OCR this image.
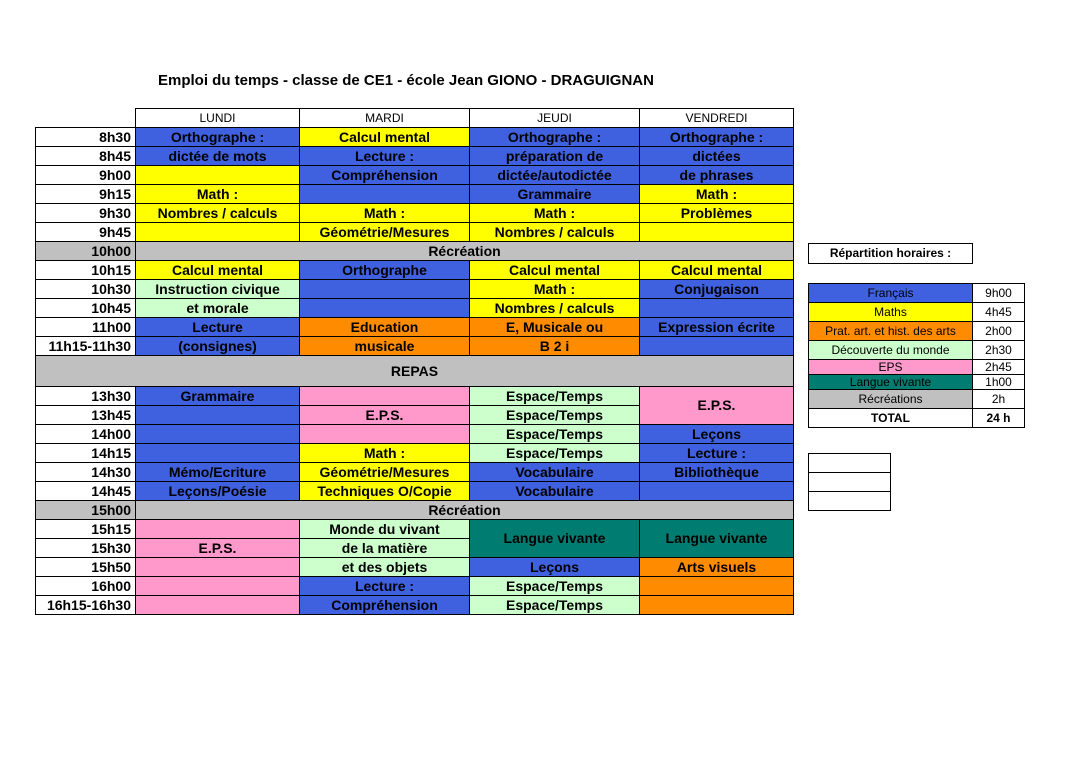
Emploi du temps - classe de CE1 - école Jean GIONO - DRAGUIGNAN
	LUNDI	MARDI	JEUDI	VENDREDI
8h30	Orthographe :	Calcul mental	Orthographe :	Orthographe :
8h45	dictée de mots	Lecture :	préparation de	dictées
9h00		Compréhension	dictée/autodictée	de phrases
9h15	Math :		Grammaire	Math :
9h30	Nombres / calculs	Math :	Math :	Problèmes
9h45		Géométrie/Mesures	Nombres / calculs	
10h00	Récréation			
10h15	Calcul mental	Orthographe	Calcul mental	Calcul mental
10h30	Instruction civique		Math :	Conjugaison
10h45	et morale		Nombres / calculs	
11h00	Lecture	Education	E, Musicale ou	Expression écrite
11h15-11h30	(consignes)	musicale	B 2 i	
REPAS				
13h30	Grammaire		Espace/Temps	E.P.S.
13h45		E.P.S.	Espace/Temps	
14h00			Espace/Temps	Leçons
14h15		Math :	Espace/Temps	Lecture :
14h30	Mémo/Ecriture	Géométrie/Mesures	Vocabulaire	Bibliothèque
14h45	Leçons/Poésie	Techniques O/Copie	Vocabulaire	
15h00	Récréation			
15h15		Monde du vivant	Langue vivante	Langue vivante
15h30	E.P.S.	de la matière		
15h50		et des objets	Leçons	Arts visuels
16h00		Lecture :	Espace/Temps	
16h15-16h30		Compréhension	Espace/Temps	
Répartition horaires :
Français	9h00
Maths	4h45
Prat. art. et hist. des arts	2h00
Découverte du monde	2h30
EPS	2h45
Langue vivante	1h00
Récréations	2h
TOTAL	24 h
